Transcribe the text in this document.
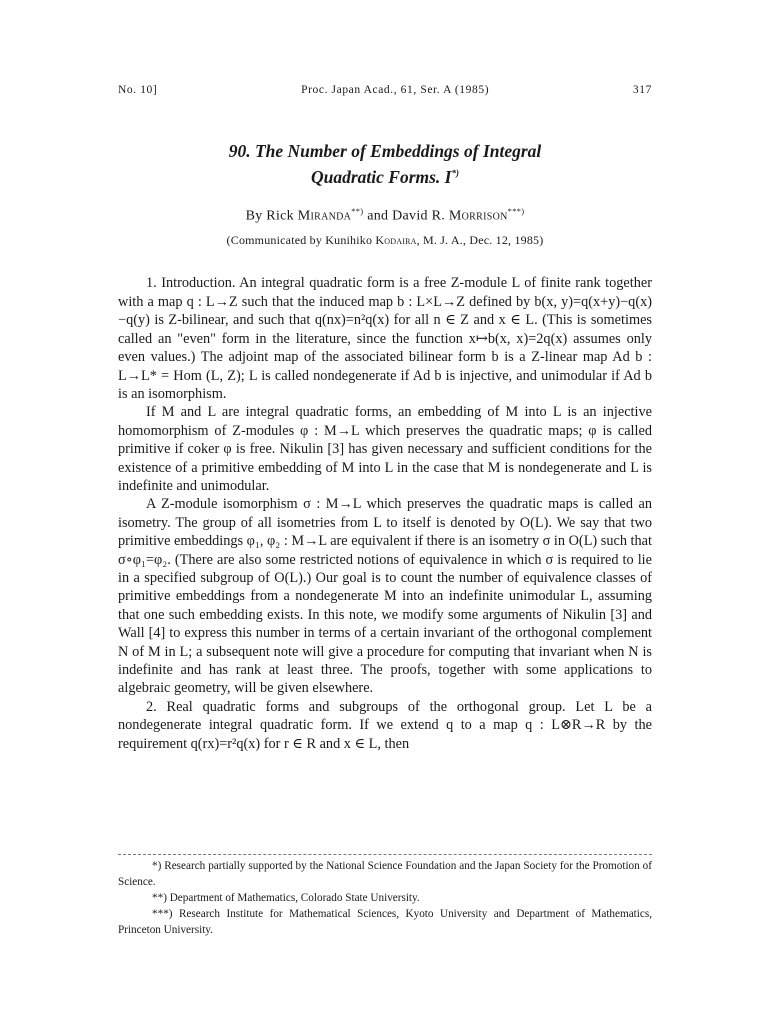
No. 10]	Proc. Japan Acad., 61, Ser. A (1985)	317
90. The Number of Embeddings of Integral
Quadratic Forms. I*)
By Rick Miranda**) and David R. Morrison***)
(Communicated by Kunihiko Kodaira, M. J. A., Dec. 12, 1985)

1. Introduction. An integral quadratic form is a free Z-module L of finite rank together with a map q : L→Z such that the induced map b : L×L→Z defined by b(x, y)=q(x+y)−q(x)−q(y) is Z-bilinear, and such that q(nx)=n²q(x) for all n ∈ Z and x ∈ L. (This is sometimes called an "even" form in the literature, since the function x↦b(x, x)=2q(x) assumes only even values.) The adjoint map of the associated bilinear form b is a Z-linear map Ad b : L→L* = Hom (L, Z); L is called nondegenerate if Ad b is injective, and unimodular if Ad b is an isomorphism.

If M and L are integral quadratic forms, an embedding of M into L is an injective homomorphism of Z-modules φ : M→L which preserves the quadratic maps; φ is called primitive if coker φ is free. Nikulin [3] has given necessary and sufficient conditions for the existence of a primitive embedding of M into L in the case that M is nondegenerate and L is indefinite and unimodular.

A Z-module isomorphism σ : M→L which preserves the quadratic maps is called an isometry. The group of all isometries from L to itself is denoted by O(L). We say that two primitive embeddings φ₁, φ₂ : M→L are equivalent if there is an isometry σ in O(L) such that σ∘φ₁=φ₂. (There are also some restricted notions of equivalence in which σ is required to lie in a specified subgroup of O(L).) Our goal is to count the number of equivalence classes of primitive embeddings from a nondegenerate M into an indefinite unimodular L, assuming that one such embedding exists. In this note, we modify some arguments of Nikulin [3] and Wall [4] to express this number in terms of a certain invariant of the orthogonal complement N of M in L; a subsequent note will give a procedure for computing that invariant when N is indefinite and has rank at least three. The proofs, together with some applications to algebraic geometry, will be given elsewhere.

2. Real quadratic forms and subgroups of the orthogonal group. Let L be a nondegenerate integral quadratic form. If we extend q to a map q : L⊗R→R by the requirement q(rx)=r²q(x) for r ∈ R and x ∈ L, then

*) Research partially supported by the National Science Foundation and the Japan Society for the Promotion of Science.

**) Department of Mathematics, Colorado State University.

***) Research Institute for Mathematical Sciences, Kyoto University and Department of Mathematics, Princeton University.
